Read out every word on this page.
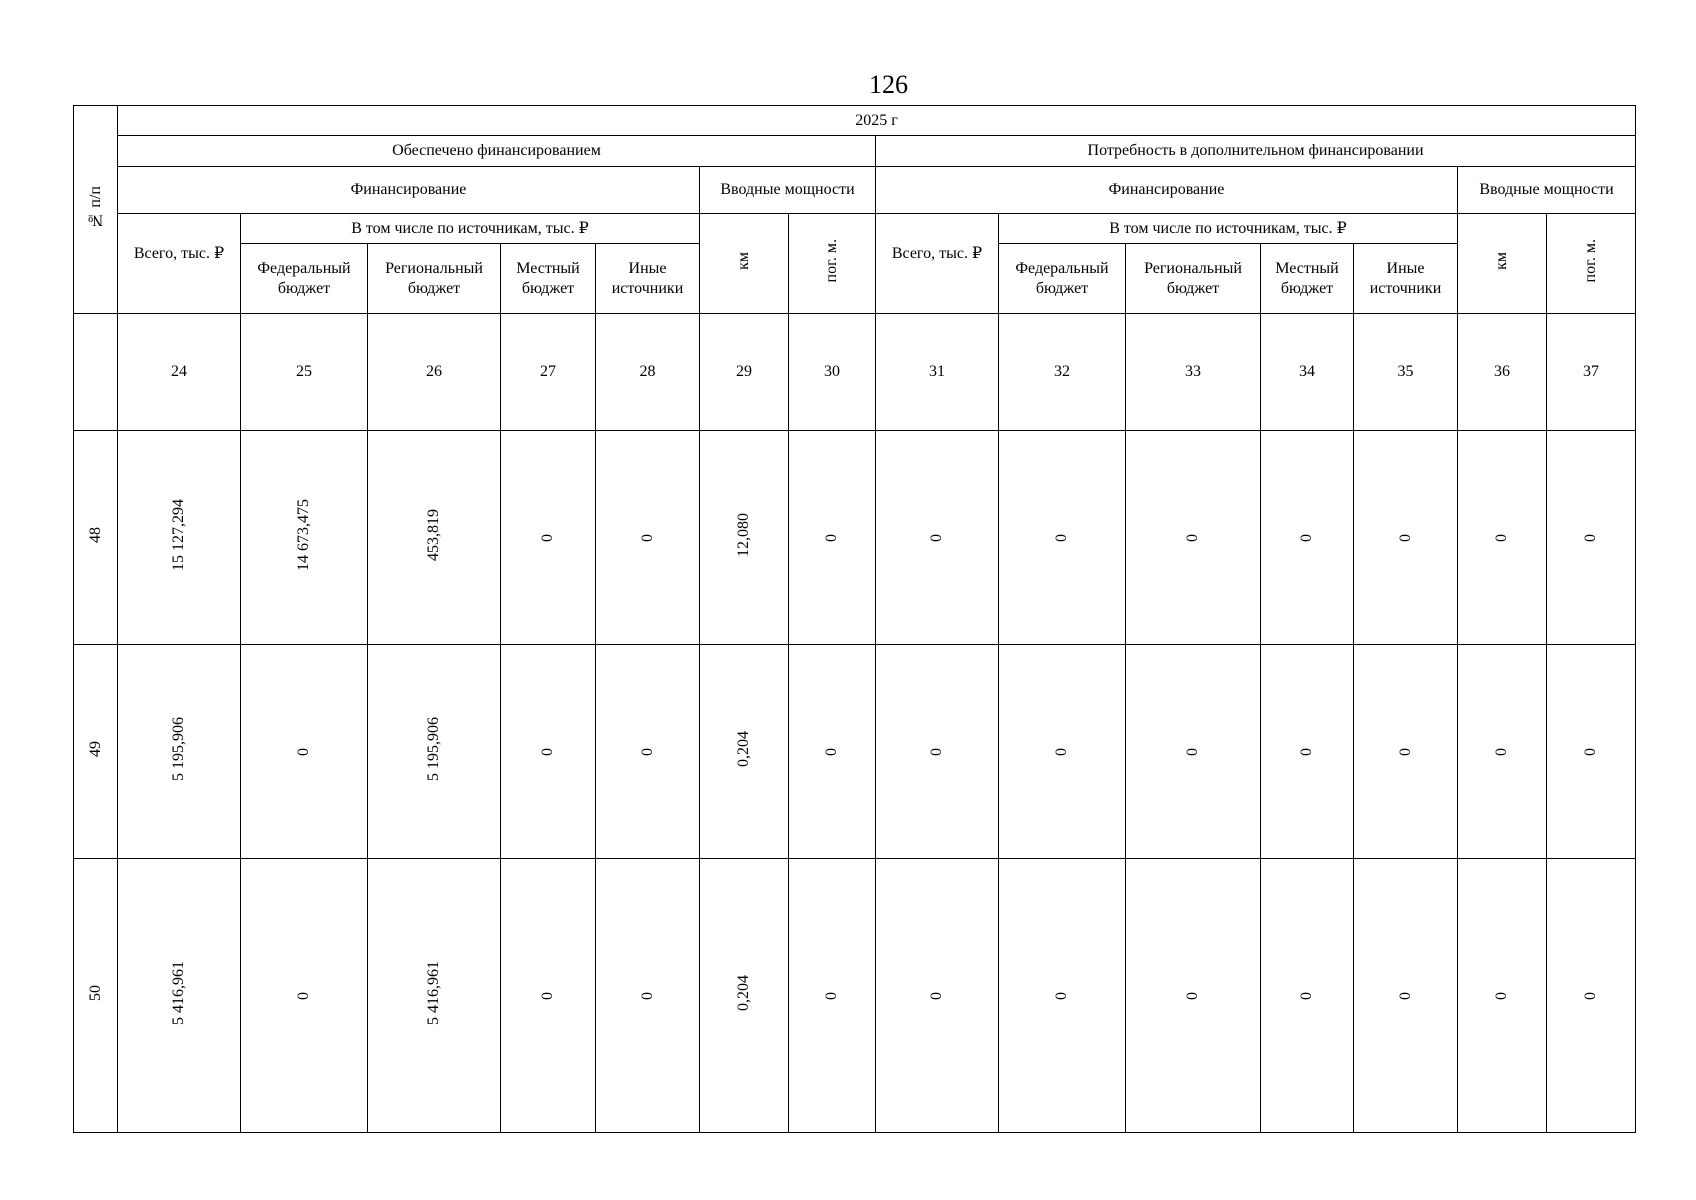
126
№ п/п	2025 г													
	Обеспечено финансированием							Потребность в дополнительном финансировании						
	Финансирование					Вводные мощности		Финансирование					Вводные мощности	
	Всего, тыс. ₽	В том числе по источникам, тыс. ₽				км	пог. м.	Всего, тыс. ₽	В том числе по источникам, тыс. ₽				км	пог. м.
		Федеральный бюджет	Региональный бюджет	Местный бюджет	Иные источники				Федеральный бюджет	Региональный бюджет	Местный бюджет	Иные источники		
	24	25	26	27	28	29	30	31	32	33	34	35	36	37
48	15 127,294	14 673,475	453,819	0	0	12,080	0	0	0	0	0	0	0	0
49	5 195,906	0	5 195,906	0	0	0,204	0	0	0	0	0	0	0	0
50	5 416,961	0	5 416,961	0	0	0,204	0	0	0	0	0	0	0	0
